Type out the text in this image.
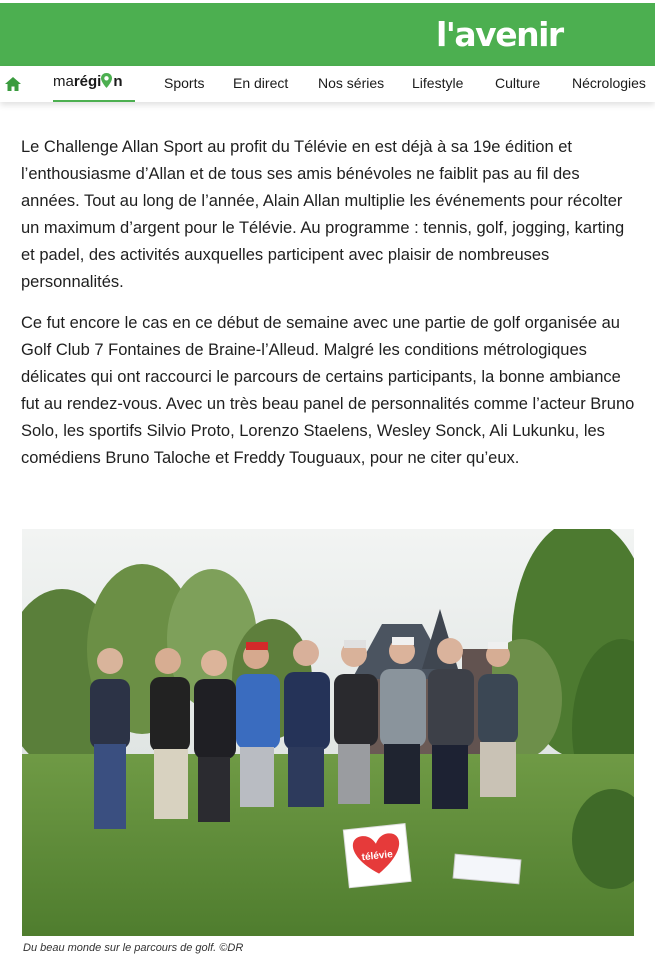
l'avenir
marégi n	Sports En direct Nos séries Lifestyle Culture Nécrologies

Le Challenge Allan Sport au profit du Télévie en est déjà à sa 19e édition et l’enthousiasme d’Allan et de tous ses amis bénévoles ne faiblit pas au fil des années. Tout au long de l’année, Alain Allan multiplie les événements pour récolter un maximum d’argent pour le Télévie. Au programme : tennis, golf, jogging, karting et padel, des activités auxquelles participent avec plaisir de nombreuses personnalités.

Ce fut encore le cas en ce début de semaine avec une partie de golf organisée au Golf Club 7 Fontaines de Braine-l’Alleud. Malgré les conditions métrologiques délicates qui ont raccourci le parcours de certains participants, la bonne ambiance fut au rendez-vous. Avec un très beau panel de personnalités comme l’acteur Bruno Solo, les sportifs Silvio Proto, Lorenzo Staelens, Wesley Sonck, Ali Lukunku, les comédiens Bruno Taloche et Freddy Touguaux, pour ne citer qu’eux.

télévie
Du beau monde sur le parcours de golf. ©DR
